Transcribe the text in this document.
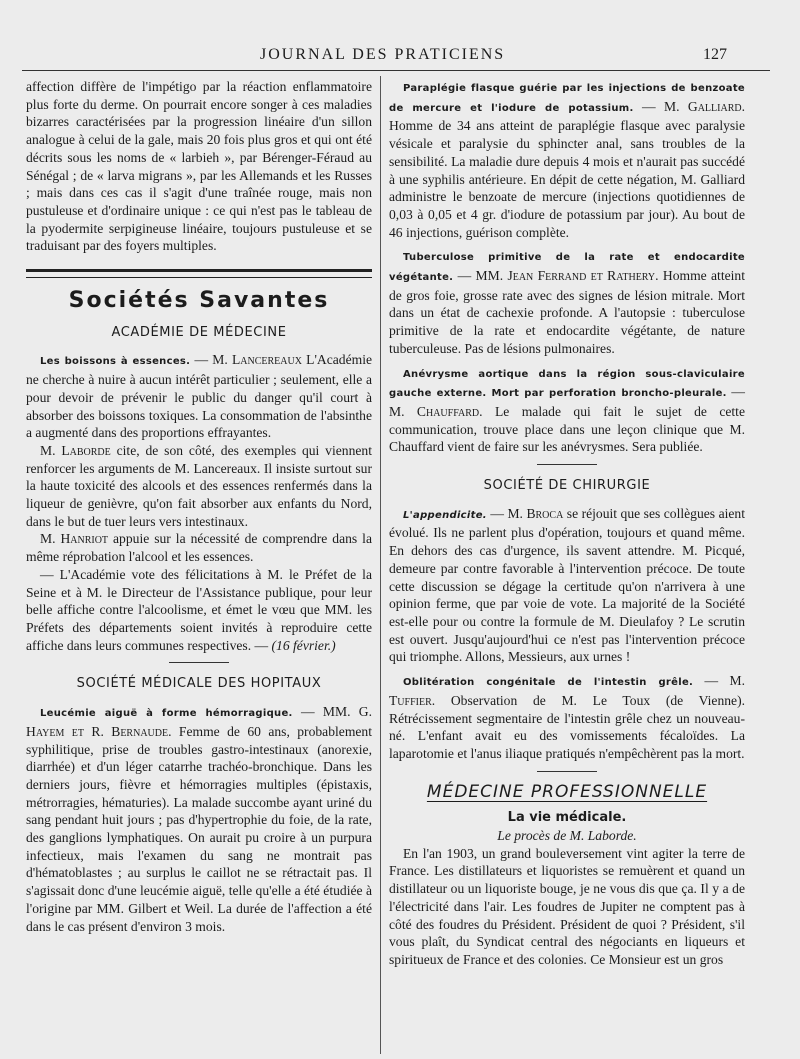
JOURNAL DES PRATICIENS	127

affection diffère de l'impétigo par la réaction enflammatoire plus forte du derme. On pourrait encore songer à ces maladies bizarres caractérisées par la progression linéaire d'un sillon analogue à celui de la gale, mais 20 fois plus gros et qui ont été décrits sous les noms de « larbieh », par Bérenger-Féraud au Sénégal ; de « larva migrans », par les Allemands et les Russes ; mais dans ces cas il s'agit d'une traînée rouge, mais non pustuleuse et d'ordinaire unique : ce qui n'est pas le tableau de la pyodermite serpigineuse linéaire, toujours pustuleuse et se traduisant par des foyers multiples.

Sociétés Savantes
ACADÉMIE DE MÉDECINE

Les boissons à essences. — M. Lancereaux L'Académie ne cherche à nuire à aucun intérêt particulier ; seulement, elle a pour devoir de prévenir le public du danger qu'il court à absorber des boissons toxiques. La consommation de l'absinthe a augmenté dans des proportions effrayantes.

M. Laborde cite, de son côté, des exemples qui viennent renforcer les arguments de M. Lancereaux. Il insiste surtout sur la haute toxicité des alcools et des essences renfermés dans la liqueur de genièvre, qu'on fait absorber aux enfants du Nord, dans le but de tuer leurs vers intestinaux.

M. Hanriot appuie sur la nécessité de comprendre dans la même réprobation l'alcool et les essences.

— L'Académie vote des félicitations à M. le Préfet de la Seine et à M. le Directeur de l'Assistance publique, pour leur belle affiche contre l'alcoolisme, et émet le vœu que MM. les Préfets des départements soient invités à reproduire cette affiche dans leurs communes respectives. — (16 février.)

SOCIÉTÉ MÉDICALE DES HOPITAUX

Leucémie aiguë à forme hémorragique. — MM. G. Hayem et R. Bernaude. Femme de 60 ans, probablement syphilitique, prise de troubles gastro-intestinaux (anorexie, diarrhée) et d'un léger catarrhe trachéo-bronchique. Dans les derniers jours, fièvre et hémorragies multiples (épistaxis, métrorragies, hématuries). La malade succombe ayant uriné du sang pendant huit jours ; pas d'hypertrophie du foie, de la rate, des ganglions lymphatiques. On aurait pu croire à un purpura infectieux, mais l'examen du sang ne montrait pas d'hématoblastes ; au surplus le caillot ne se rétractait pas. Il s'agissait donc d'une leucémie aiguë, telle qu'elle a été étudiée à l'origine par MM. Gilbert et Weil. La durée de l'affection a été dans le cas présent d'environ 3 mois.

Paraplégie flasque guérie par les injections de benzoate de mercure et l'iodure de potassium. — M. Galliard. Homme de 34 ans atteint de paraplégie flasque avec paralysie vésicale et paralysie du sphincter anal, sans troubles de la sensibilité. La maladie dure depuis 4 mois et n'aurait pas succédé à une syphilis antérieure. En dépit de cette négation, M. Galliard administre le benzoate de mercure (injections quotidiennes de 0,03 à 0,05 et 4 gr. d'iodure de potassium par jour). Au bout de 46 injections, guérison complète.

Tuberculose primitive de la rate et endocardite végétante. — MM. Jean Ferrand et Rathery. Homme atteint de gros foie, grosse rate avec des signes de lésion mitrale. Mort dans un état de cachexie profonde. A l'autopsie : tuberculose primitive de la rate et endocardite végétante, de nature tuberculeuse. Pas de lésions pulmonaires.

Anévrysme aortique dans la région sous-claviculaire gauche externe. Mort par perforation broncho-pleurale. — M. Chauffard. Le malade qui fait le sujet de cette communication, trouve place dans une leçon clinique que M. Chauffard vient de faire sur les anévrysmes. Sera publiée.

SOCIÉTÉ DE CHIRURGIE

L'appendicite. — M. Broca se réjouit que ses collègues aient évolué. Ils ne parlent plus d'opération, toujours et quand même. En dehors des cas d'urgence, ils savent attendre. M. Picqué, demeure par contre favorable à l'intervention précoce. De toute cette discussion se dégage la certitude qu'on n'arrivera à une opinion ferme, que par voie de vote. La majorité de la Société est-elle pour ou contre la formule de M. Dieulafoy ? Le scrutin est ouvert. Jusqu'aujourd'hui ce n'est pas l'intervention précoce qui triomphe. Allons, Messieurs, aux urnes !

Oblitération congénitale de l'intestin grêle. — M. Tuffier. Observation de M. Le Toux (de Vienne). Rétrécissement segmentaire de l'intestin grêle chez un nouveau-né. L'enfant avait eu des vomissements fécaloïdes. La laparotomie et l'anus iliaque pratiqués n'empêchèrent pas la mort.

MÉDECINE PROFESSIONNELLE
La vie médicale.
Le procès de M. Laborde.

En l'an 1903, un grand bouleversement vint agiter la terre de France. Les distillateurs et liquoristes se remuèrent et quand un distillateur ou un liquoriste bouge, je ne vous dis que ça. Il y a de l'électricité dans l'air. Les foudres de Jupiter ne comptent pas à côté des foudres du Président. Président de quoi ? Président, s'il vous plaît, du Syndicat central des négociants en liqueurs et spiritueux de France et des colonies. Ce Monsieur est un gros
